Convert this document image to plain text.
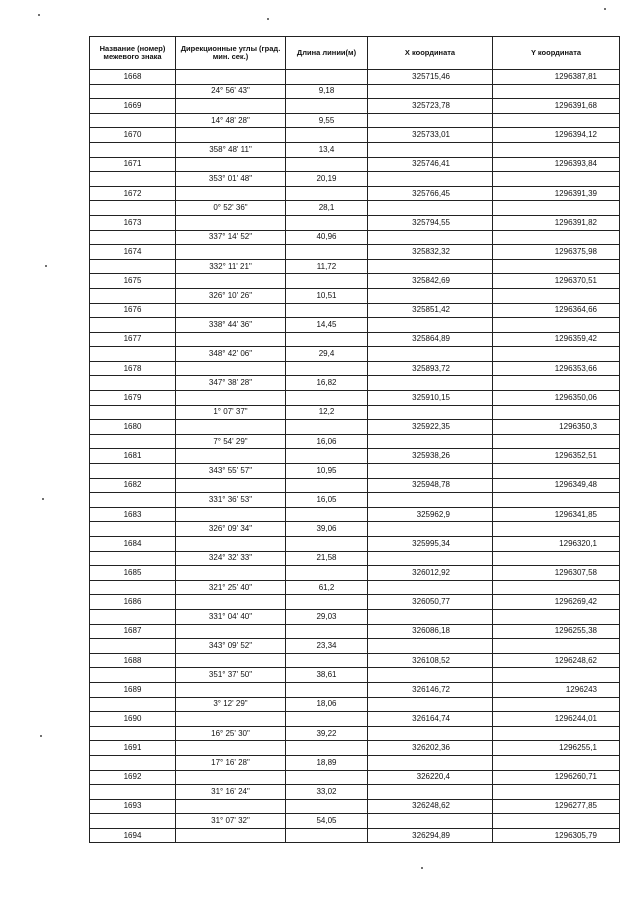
Название (номер) межевого знака	Дирекционные углы (град. мин. сек.)	Длина линии(м)	X координата	Y координата
1668			325715,46	1296387,81
	24° 56' 43"	9,18		
1669			325723,78	1296391,68
	14° 48' 28"	9,55		
1670			325733,01	1296394,12
	358° 48' 11"	13,4		
1671			325746,41	1296393,84
	353° 01' 48"	20,19		
1672			325766,45	1296391,39
	0° 52' 36"	28,1		
1673			325794,55	1296391,82
	337° 14' 52"	40,96		
1674			325832,32	1296375,98
	332° 11' 21"	11,72		
1675			325842,69	1296370,51
	326° 10' 26"	10,51		
1676			325851,42	1296364,66
	338° 44' 36"	14,45		
1677			325864,89	1296359,42
	348° 42' 06"	29,4		
1678			325893,72	1296353,66
	347° 38' 28"	16,82		
1679			325910,15	1296350,06
	1° 07' 37"	12,2		
1680			325922,35	1296350,3
	7° 54' 29"	16,06		
1681			325938,26	1296352,51
	343° 55' 57"	10,95		
1682			325948,78	1296349,48
	331° 36' 53"	16,05		
1683			325962,9	1296341,85
	326° 09' 34"	39,06		
1684			325995,34	1296320,1
	324° 32' 33"	21,58		
1685			326012,92	1296307,58
	321° 25' 40"	61,2		
1686			326050,77	1296269,42
	331° 04' 40"	29,03		
1687			326086,18	1296255,38
	343° 09' 52"	23,34		
1688			326108,52	1296248,62
	351° 37' 50"	38,61		
1689			326146,72	1296243
	3° 12' 29"	18,06		
1690			326164,74	1296244,01
	16° 25' 30"	39,22		
1691			326202,36	1296255,1
	17° 16' 28"	18,89		
1692			326220,4	1296260,71
	31° 16' 24"	33,02		
1693			326248,62	1296277,85
	31° 07' 32"	54,05		
1694			326294,89	1296305,79
